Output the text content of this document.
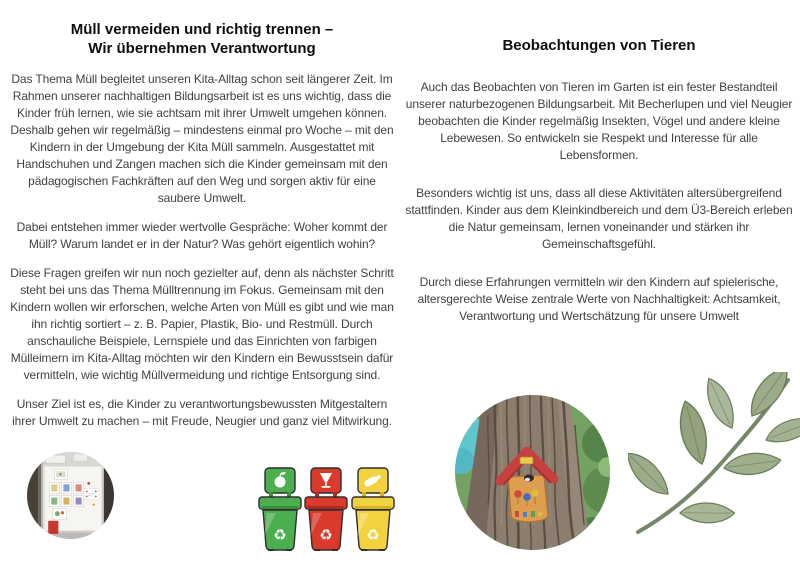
Müll vermeiden und richtig trennen –
Wir übernehmen Verantwortung

Das Thema Müll begleitet unseren Kita-Alltag schon seit längerer Zeit. Im Rahmen unserer nachhaltigen Bildungsarbeit ist es uns wichtig, dass die Kinder früh lernen, wie sie achtsam mit ihrer Umwelt umgehen können. Deshalb gehen wir regelmäßig – mindestens einmal pro Woche – mit den Kindern in der Umgebung der Kita Müll sammeln. Ausgestattet mit Handschuhen und Zangen machen sich die Kinder gemeinsam mit den pädagogischen Fachkräften auf den Weg und sorgen aktiv für eine saubere Umwelt.

Dabei entstehen immer wieder wertvolle Gespräche: Woher kommt der Müll? Warum landet er in der Natur? Was gehört eigentlich wohin?

Diese Fragen greifen wir nun noch gezielter auf, denn als nächster Schritt steht bei uns das Thema Mülltrennung im Fokus. Gemeinsam mit den Kindern wollen wir erforschen, welche Arten von Müll es gibt und wie man ihn richtig sortiert – z. B. Papier, Plastik, Bio- und Restmüll. Durch anschauliche Beispiele, Lernspiele und das Einrichten von farbigen Mülleimern im Kita-Alltag möchten wir den Kindern ein Bewusstsein dafür vermitteln, wie wichtig Müllvermeidung und richtige Entsorgung sind.

Unser Ziel ist es, die Kinder zu verantwortungsbewussten Mitgestaltern ihrer Umwelt zu machen – mit Freude, Neugier und ganz viel Mitwirkung.

Beobachtungen von Tieren

Auch das Beobachten von Tieren im Garten ist ein fester Bestandteil unserer naturbezogenen Bildungsarbeit. Mit Becherlupen und viel Neugier beobachten die Kinder regelmäßig Insekten, Vögel und andere kleine Lebewesen. So entwickeln sie Respekt und Interesse für alle Lebensformen.

Besonders wichtig ist uns, dass all diese Aktivitäten altersübergreifend stattfinden. Kinder aus dem Kleinkindbereich und dem Ü3-Bereich erleben die Natur gemeinsam, lernen voneinander und stärken ihr Gemeinschaftsgefühl.

Durch diese Erfahrungen vermitteln wir den Kindern auf spielerische, altersgerechte Weise zentrale Werte von Nachhaltigkeit: Achtsamkeit, Verantwortung und Wertschätzung für unsere Umwelt

♻ ♻ ♻
